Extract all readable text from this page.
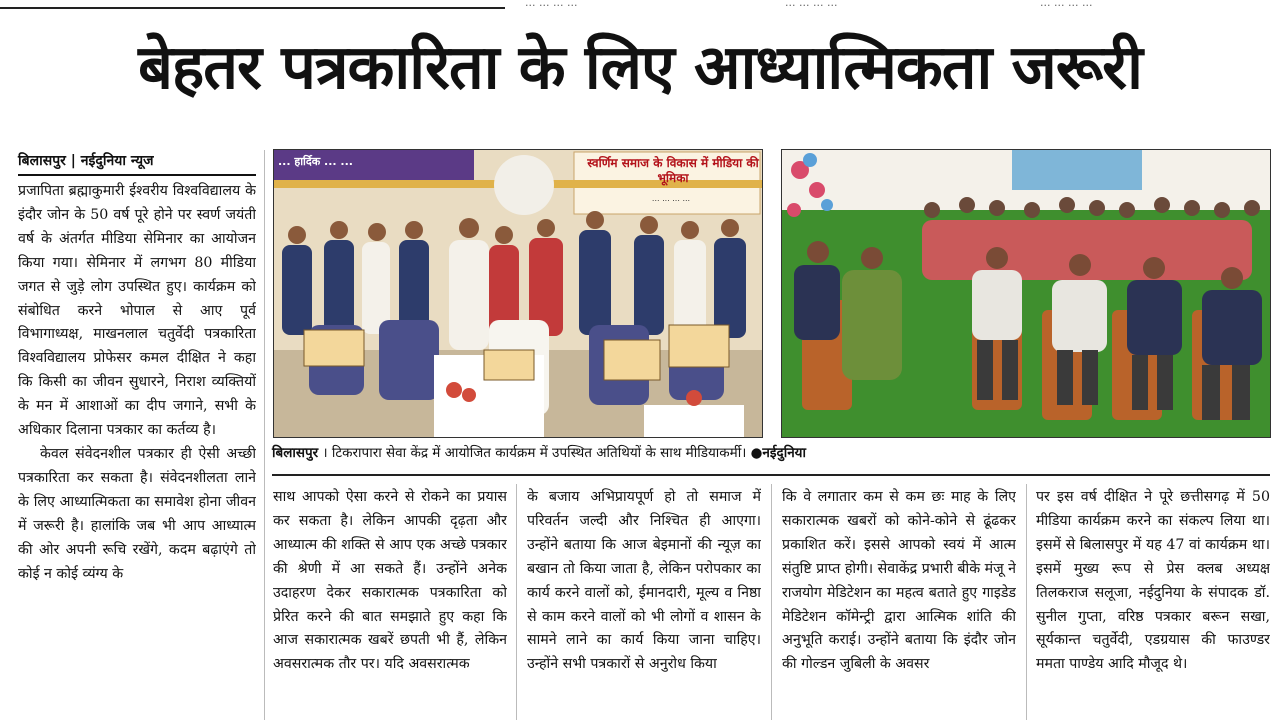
... ... ... ...	... ... ... ...	... ... ... ...
बेहतर पत्रकारिता के लिए आध्यात्मिकता जरूरी
बिलासपुर | नईदुनिया न्यूज

प्रजापिता ब्रह्माकुमारी ईश्वरीय विश्वविद्यालय के इंदौर जोन के 50 वर्ष पूरे होने पर स्वर्ण जयंती वर्ष के अंतर्गत मीडिया सेमिनार का आयोजन किया गया। सेमिनार में लगभग 80 मीडिया जगत से जुड़े लोग उपस्थित हुए। कार्यक्रम को संबोधित करने भोपाल से आए पूर्व विभागाध्यक्ष, माखनलाल चतुर्वेदी पत्रकारिता विश्वविद्यालय प्रोफेसर कमल दीक्षित ने कहा कि किसी का जीवन सुधारने, निराश व्यक्तियों के मन में आशाओं का दीप जगाने, सभी के अधिकार दिलाना पत्रकार का कर्तव्य है।

केवल संवेदनशील पत्रकार ही ऐसी अच्छी पत्रकारिता कर सकता है। संवेदनशीलता लाने के लिए आध्यात्मिकता का समावेश होना जीवन में जरूरी है। हालांकि जब भी आप आध्यात्म की ओर अपनी रूचि रखेंगे, कदम बढ़ाएंगे तो कोई न कोई व्यंग्य के

... हार्दिक ... ...	स्वर्णिम समाज के विकास में मीडिया की भूमिका
... ... ... ...
बिलासपुर । टिकरापारा सेवा केंद्र में आयोजित कार्यक्रम में उपस्थित अतिथियों के साथ मीडियाकर्मी। ●नईदुनिया

साथ आपको ऐसा करने से रोकने का प्रयास कर सकता है। लेकिन आपकी दृढ़ता और आध्यात्म की शक्ति से आप एक अच्छे पत्रकार की श्रेणी में आ सकते हैं। उन्होंने अनेक उदाहरण देकर सकारात्मक पत्रकारिता को प्रेरित करने की बात समझाते हुए कहा कि आज सकारात्मक खबरें छपती भी हैं, लेकिन अवसरात्मक तौर पर। यदि अवसरात्मक

के बजाय अभिप्रायपूर्ण हो तो समाज में परिवर्तन जल्दी और निश्चित ही आएगा। उन्होंने बताया कि आज बेइमानों की न्यूज़ का बखान तो किया जाता है, लेकिन परोपकार का कार्य करने वालों को, ईमानदारी, मूल्य व निष्ठा से काम करने वालों को भी लोगों व शासन के सामने लाने का कार्य किया जाना चाहिए। उन्होंने सभी पत्रकारों से अनुरोध किया

कि वे लगातार कम से कम छः माह के लिए सकारात्मक खबरों को कोने-कोने से ढूंढकर प्रकाशित करें। इससे आपको स्वयं में आत्म संतुष्टि प्राप्त होगी। सेवाकेंद्र प्रभारी बीके मंजू ने राजयोग मेडिटेशन का महत्व बताते हुए गाइडेड मेडिटेशन कॉमेन्ट्री द्वारा आत्मिक शांति की अनुभूति कराई। उन्होंने बताया कि इंदौर जोन की गोल्डन जुबिली के अवसर

पर इस वर्ष दीक्षित ने पूरे छत्तीसगढ़ में 50 मीडिया कार्यक्रम करने का संकल्प लिया था। इसमें से बिलासपुर में यह 47 वां कार्यक्रम था। इसमें मुख्य रूप से प्रेस क्लब अध्यक्ष तिलकराज सलूजा, नईदुनिया के संपादक डॉ. सुनील गुप्ता, वरिष्ठ पत्रकार बरून सखा, सूर्यकान्त चतुर्वेदी, एडग्रयास की फाउण्डर ममता पाण्डेय आदि मौजूद थे।
